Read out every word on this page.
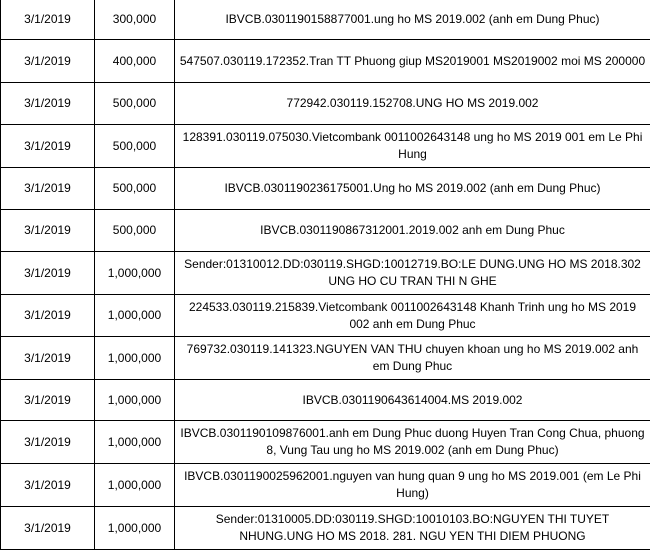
3/1/2019	300,000	IBVCB.0301190158877001.ung ho MS 2019.002 (anh em Dung Phuc)
3/1/2019	400,000	547507.030119.172352.Tran TT Phuong giup MS2019001 MS2019002 moi MS 200000
3/1/2019	500,000	772942.030119.152708.UNG HO MS 2019.002
3/1/2019	500,000	128391.030119.075030.Vietcombank 0011002643148 ung ho MS 2019 001 em Le Phi Hung
3/1/2019	500,000	IBVCB.0301190236175001.Ung ho MS 2019.002 (anh em Dung Phuc)
3/1/2019	500,000	IBVCB.0301190867312001.2019.002 anh em Dung Phuc
3/1/2019	1,000,000	Sender:01310012.DD:030119.SHGD:10012719.BO:LE DUNG.UNG HO MS 2018.302 UNG HO CU TRAN THI N GHE
3/1/2019	1,000,000	224533.030119.215839.Vietcombank 0011002643148 Khanh Trinh ung ho MS 2019 002 anh em Dung Phuc
3/1/2019	1,000,000	769732.030119.141323.NGUYEN VAN THU chuyen khoan ung ho MS 2019.002 anh em Dung Phuc
3/1/2019	1,000,000	IBVCB.0301190643614004.MS 2019.002
3/1/2019	1,000,000	IBVCB.0301190109876001.anh em Dung Phuc duong Huyen Tran Cong Chua, phuong 8, Vung Tau ung ho MS 2019.002 (anh em Dung Phuc)
3/1/2019	1,000,000	IBVCB.0301190025962001.nguyen van hung quan 9 ung ho MS 2019.001 (em Le Phi Hung)
3/1/2019	1,000,000	Sender:01310005.DD:030119.SHGD:10010103.BO:NGUYEN THI TUYET NHUNG.UNG HO MS 2018. 281. NGU YEN THI DIEM PHUONG
